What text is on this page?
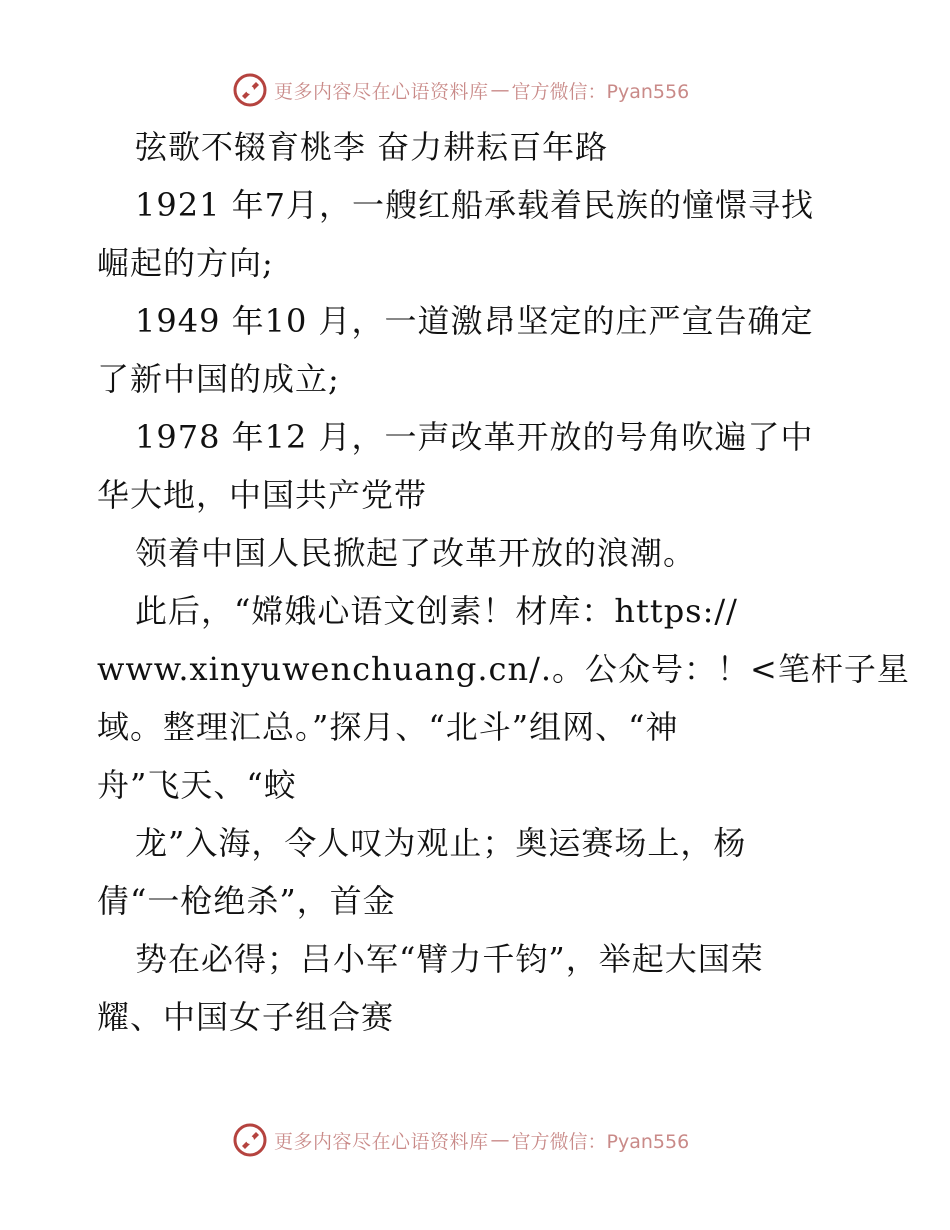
更多内容尽在心语资料库 — 官方微信：Pyan556
弦歌不辍育桃李 奋力耕耘百年路
1921 年7月，一艘红船承载着民族的憧憬寻找
崛起的方向;
1949 年10 月，一道激昂坚定的庄严宣告确定
了新中国的成立;
1978 年12 月，一声改革开放的号角吹遍了中
华大地，中国共产党带
领着中国人民掀起了改革开放的浪潮。
此后，“嫦娥心语文创素！材库：https://
www.xinyuwenchuang.cn/.。公众号：！<笔杆子星
域。整理汇总。”探月、“北斗”组网、“神
舟”飞天、“蛟
龙”入海，令人叹为观止；奥运赛场上，杨
倩“一枪绝杀”，首金
势在必得；吕小军“臂力千钧”，举起大国荣
耀、中国女子组合赛
更多内容尽在心语资料库 — 官方微信：Pyan556
